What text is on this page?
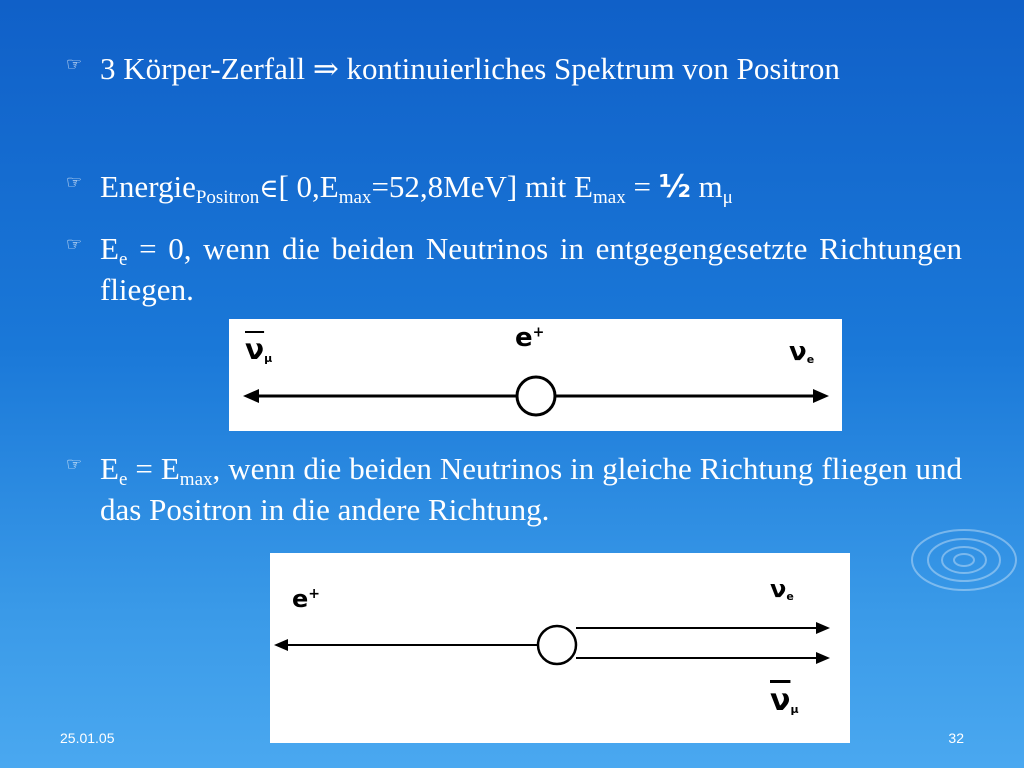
☞ 3 Körper-Zerfall ⇒ kontinuierliches Spektrum von Positron
☞ Energie$_{Positron}$∈[ $0,E_{max}=52,8MeV$] mit $E_{max}$ = ½ $m_\mu$
☞ $E_e = 0$, wenn die beiden Neutrinos in entgegengesetzte Richtungen fliegen.
$\overline{\nu}_\mu$
e+
$\nu_e$
☞ $E_e = E_{max}$, wenn die beiden Neutrinos in gleiche Richtung fliegen und das Positron in die andere Richtung.
e+	$\nu_e$
$\overline{\nu}_\mu$
25.01.05	32
